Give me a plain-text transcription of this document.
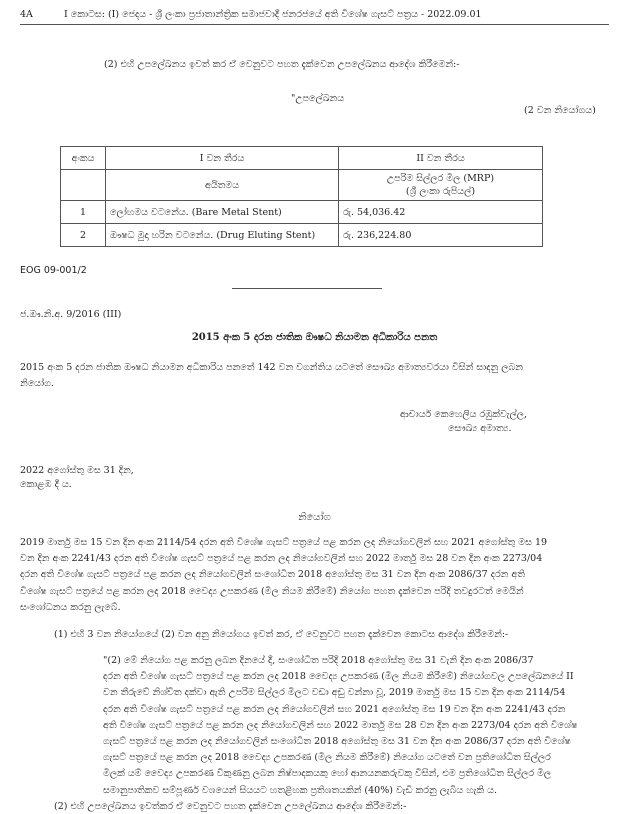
4A	I කොටස: (I) ජෙදය - ශ්‍රී ලංකා ප්‍රජාතාන්ත්‍රික සමාජවාදී ජනරජයේ අති විශේෂ ගැසට් පත්‍රය - 2022.09.01
(2) එහි උපලේඛනය ඉවත් කර ඒ වෙනුවට පහත දැක්වෙන උපලේඛනය ආදේශ කිරීමෙන්:-
"උපලේඛනය
(2 වන නියෝගය)
අංකය	I වන තීරය	II වන තීරය
	අයිතමය	උපරිම සිල්ලර මිල (MRP)
(ශ්‍රී ලංකා රුපියල්)

1	ලෝහමය වටනේය. (Bare Metal Stent)	රු. 54,036.42
2	ඖෂධ මුදා හරින වටනේය. (Drug Eluting Stent)	රු. 236,224.80
EOG 09-001/2
ජ.ඖ.නි.අ. 9/2016 (III)
2015 අංක 5 දරන ජාතික ඖෂධ නියාමන අධිකාරිය පනත
2015 අංක 5 දරන ජාතික ඖෂධ නියාමන අධිකාරිය පනතේ 142 වන වගන්තිය යටතේ සෞඛ්‍ය අමාත්‍යවරයා විසින් සාදනු ලබන
නියෝග.
ආචාර්ය කෙහෙලිය රඹුක්වැල්ල,
සෞඛ්‍ය අමාත්‍ය.
2022 අගෝස්තු මස 31 දින,
කොළඹ දී ය.
නියෝග
2019 මාර්තු මස 15 වන දින අංක 2114/54 දරන අති විශේෂ ගැසට් පත්‍රයේ පළ කරන ලද නියෝගවලින් සහ 2021 අගෝස්තු මස 19
වන දින අංක 2241/43 දරන අති විශේෂ ගැසට් පත්‍රයේ පළ කරන ලද නියෝගවලින් සහ 2022 මාර්තු මස 28 වන දින අංක 2273/04
දරන අති විශේෂ ගැසට් පත්‍රයේ පළ කරන ලද නියෝගවලින් සංශෝධිත 2018 අගෝස්තු මස 31 වන දින අංක 2086/37 දරන අති
විශේෂ ගැසට් පත්‍රයේ පළ කරන ලද 2018 වෛද්‍ය උපකරණ (මිල නියම කිරීමේ) නියෝග පහත දැක්වෙන පරිදි තවදුරටත් මෙයින්
සංශෝධනය කරනු ලැබේ.
(1) එහි 3 වන නියෝගයේ (2) වන අනු නියෝගය ඉවත් කර, ඒ වෙනුවට පහත දැක්වෙන කොටස ආදේශ කිරීමෙන්:-
"(2) මේ නියෝග පළ කරනු ලබන දිනයේ දී, සංශෝධිත පරිදි 2018 අගෝස්තු මස 31 වැනි දින අංක 2086/37
දරන අති විශේෂ ගැසට් පත්‍රයේ පළ කරන ලද 2018 වෛද්‍ය උපකරණ (මිල නියම කිරීමේ) නියෝගවල උපලේඛනයේ II
වන තීරුවේ නිශ්චිත දක්වා ඇති උපරිම සිල්ලර මිලට වඩා අඩු වන්නා වූ, 2019 මාර්තු මස 15 වන දින අංක 2114/54
දරන අති විශේෂ ගැසට් පත්‍රයේ පළ කරන ලද නියෝගවලින් සහ 2021 අගෝස්තු මස 19 වන දින අංක 2241/43 දරන
අති විශේෂ ගැසට් පත්‍රයේ පළ කරන ලද නියෝගවලින් සහ 2022 මාර්තු මස 28 වන දින අංක 2273/04 දරන අති විශේෂ
ගැසට් පත්‍රයේ පළ කරන ලද නියෝගවලින් සංශෝධිත 2018 අගෝස්තු මස 31 වන දින අංක 2086/37 දරන අති විශේෂ
ගැසට් පත්‍රයේ පළ කරන ලද 2018 වෛද්‍ය උපකරණ (මිල නියම කිරීමේ) නියෝග යටතේ වන ප්‍රතිශෝධිත සිල්ලර
මිලක් යම් වෛද්‍ය උපකරණ විකුණනු ලබන නිෂ්පාදකයකු හෝ ආනයනකරුවකු විසින්, එම ප්‍රතිශෝධිත සිල්ලර මිල
සමානුපාතිකව සම්පූර්ණ වශයෙන් සියයට හතළිහක ප්‍රතිශතයකින් (40%) වැඩි කරනු ලැබිය හැකි ය.
(2) එහි උපලේඛනය ඉවත්කර ඒ වෙනුවට පහත දැක්වෙන උපලේඛනය ආදේශ කිරීමෙන්:-
